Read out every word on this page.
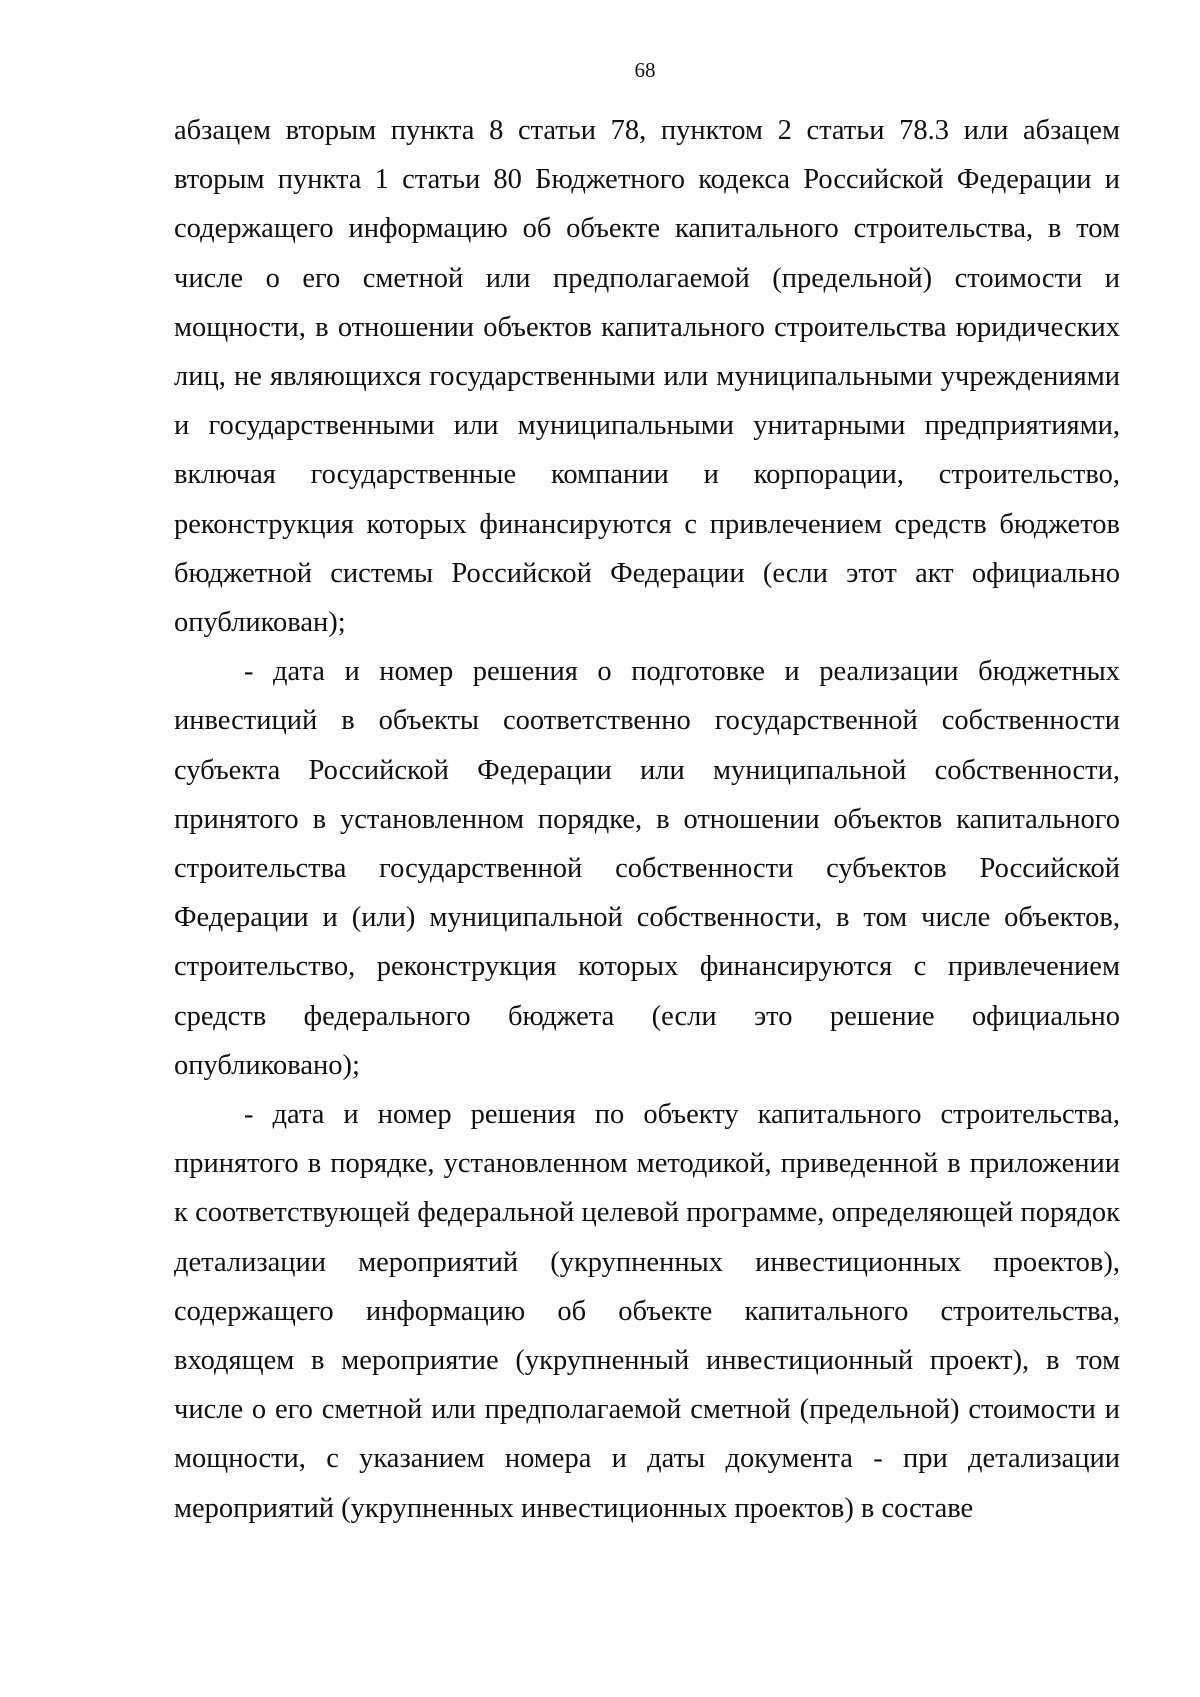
68

абзацем вторым пункта 8 статьи 78, пунктом 2 статьи 78.3 или абзацем
вторым пункта 1 статьи 80 Бюджетного кодекса Российской Федерации и
содержащего информацию об объекте капитального строительства, в том
числе о его сметной или предполагаемой (предельной) стоимости и
мощности, в отношении объектов капитального строительства юридических
лиц, не являющихся государственными или муниципальными учреждениями
и государственными или муниципальными унитарными предприятиями,
включая государственные компании и корпорации, строительство,
реконструкция которых финансируются с привлечением средств бюджетов
бюджетной системы Российской Федерации (если этот акт официально
опубликован);

- дата и номер решения о подготовке и реализации бюджетных
инвестиций в объекты соответственно государственной собственности
субъекта Российской Федерации или муниципальной собственности,
принятого в установленном порядке, в отношении объектов капитального
строительства государственной собственности субъектов Российской
Федерации и (или) муниципальной собственности, в том числе объектов,
строительство, реконструкция которых финансируются с привлечением
средств федерального бюджета (если это решение официально
опубликовано);

- дата и номер решения по объекту капитального строительства,
принятого в порядке, установленном методикой, приведенной в приложении
к соответствующей федеральной целевой программе, определяющей порядок
детализации мероприятий (укрупненных инвестиционных проектов),
содержащего информацию об объекте капитального строительства,
входящем в мероприятие (укрупненный инвестиционный проект), в том
числе о его сметной или предполагаемой сметной (предельной) стоимости и
мощности, с указанием номера и даты документа - при детализации
мероприятий (укрупненных инвестиционных проектов) в составе
